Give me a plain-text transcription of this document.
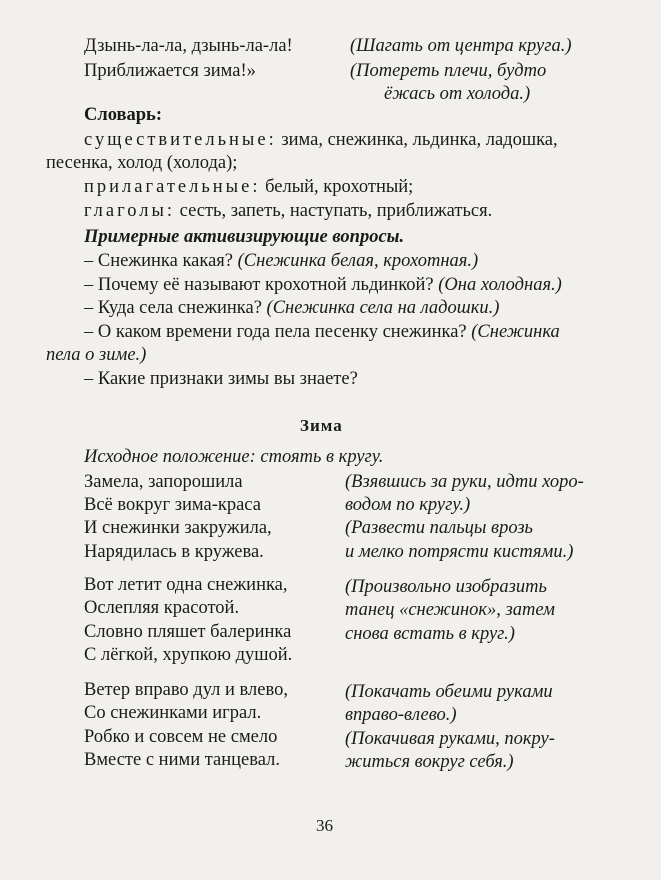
Дзынь-ла-ла, дзынь-ла-ла!	(Шагать от центра круга.)
Приближается зима!»	(Потереть плечи, будто
ёжась от холода.)
Словарь:
существительные: зима, снежинка, льдинка, ладошка,
песенка, холод (холода);
прилагательные: белый, крохотный;
глаголы: сесть, запеть, наступать, приближаться.
Примерные активизирующие вопросы.
– Снежинка какая? (Снежинка белая, крохотная.)
– Почему её называют крохотной льдинкой? (Она холодная.)
– Куда села снежинка? (Снежинка села на ладошки.)
– О каком времени года пела песенку снежинка? (Снежинка
пела о зиме.)
– Какие признаки зимы вы знаете?
Зима
Исходное положение: стоять в кругу.
Замела, запорошила
Всё вокруг зима-краса
И снежинки закружила,
Нарядилась в кружева.
(Взявшись за руки, идти хоро-
водом по кругу.)
(Развести пальцы врозь
и мелко потрясти кистями.)
Вот летит одна снежинка,
Ослепляя красотой.
Словно пляшет балеринка
С лёгкой, хрупкою душой.
(Произвольно изобразить
танец «снежинок», затем
снова встать в круг.)
Ветер вправо дул и влево,
Со снежинками играл.
Робко и совсем не смело
Вместе с ними танцевал.
(Покачать обеими руками
вправо-влево.)
(Покачивая руками, покру-
житься вокруг себя.)
36
